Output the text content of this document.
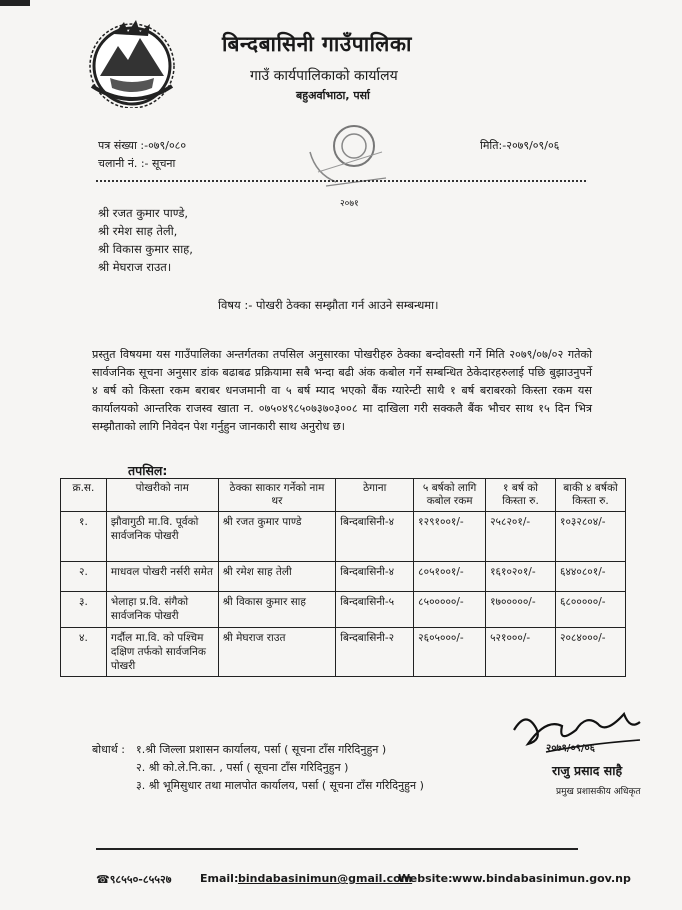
बिन्दबासिनी गाउँपालिका
गाउँ कार्यपालिकाको कार्यालय
बहुअर्वाभाठा, पर्सा
पत्र संख्या :-०७९/०८०
चलानी नं. :- सूचना
मिति:-२०७९/०९/०६
२०७१
श्री रजत कुमार पाण्डे,
श्री रमेश साह तेली,
श्री विकास कुमार साह,
श्री मेघराज राउत।
विषय :- पोखरी ठेक्का सम्झौता गर्न आउने सम्बन्धमा।
प्रस्तुत विषयमा यस गाउँपालिका अन्तर्गतका तपसिल अनुसारका पोखरीहरु ठेक्का बन्दोवस्ती गर्ने मिति २०७९/०७/०२ गतेको सार्वजनिक सूचना अनुसार डांक बढाबढ प्रक्रियामा सबै भन्दा बढी अंक कबोल गर्ने सम्बन्धित ठेकेदारहरुलाई पछि बुझाउनुपर्ने ४ बर्ष को किस्ता रकम बराबर धनजमानी वा ५ बर्ष म्याद भएको बैंक ग्यारेन्टी साथै १ बर्ष बराबरको किस्ता रकम यस कार्यालयको आन्तरिक राजस्व खाता न. ०७५०४९८५०७३७०३००८ मा दाखिला गरी सक्कलै बैंक भौचर साथ १५ दिन भित्र सम्झौताको लागि निवेदन पेश गर्नुहुन जानकारी साथ अनुरोध छ।
तपसिल:
क्र.स.	पोखरीको नाम	ठेक्का साकार गर्नेको नाम थर	ठेगाना	५ बर्षको लागि कबोल रकम	१ बर्ष को किस्ता रु.	बाकी ४ बर्षको किस्ता रु.
१.	झौवागुठी मा.वि. पूर्वको सार्वजनिक पोखरी	श्री रजत कुमार पाण्डे	बिन्दबासिनी-४	१२९१००१/-	२५८२०१/-	१०३२८०४/-
२.	माधवल पोखरी नर्सरी समेत	श्री रमेश साह तेली	बिन्दबासिनी-४	८०५१००१/-	१६१०२०१/-	६४४०८०१/-
३.	भेलाहा प्र.वि. संगैको सार्वजनिक पोखरी	श्री विकास कुमार साह	बिन्दबासिनी-५	८५०००००/-	१७०००००/-	६८०००००/-
४.	गर्दौल मा.वि. को पश्चिम दक्षिण तर्फको सार्वजनिक पोखरी	श्री मेघराज राउत	बिन्दबासिनी-२	२६०५०००/-	५२१०००/-	२०८४०००/-
बोधार्थ : १.श्री जिल्ला प्रशासन कार्यालय, पर्सा ( सूचना टाँस गरिदिनुहुन )
२. श्री को.ले.नि.का. , पर्सा ( सूचना टाँस गरिदिनुहुन )
३. श्री भूमिसुधार तथा मालपोत कार्यालय, पर्सा ( सूचना टाँस गरिदिनुहुन )
२०७९/०९/०६
राजु प्रसाद साहै
प्रमुख प्रशासकीय अधिकृत
☎९८५५०-८५५२७	Email: bindabasinimun@gmail.com
Website: www.bindabasinimun.gov.np
